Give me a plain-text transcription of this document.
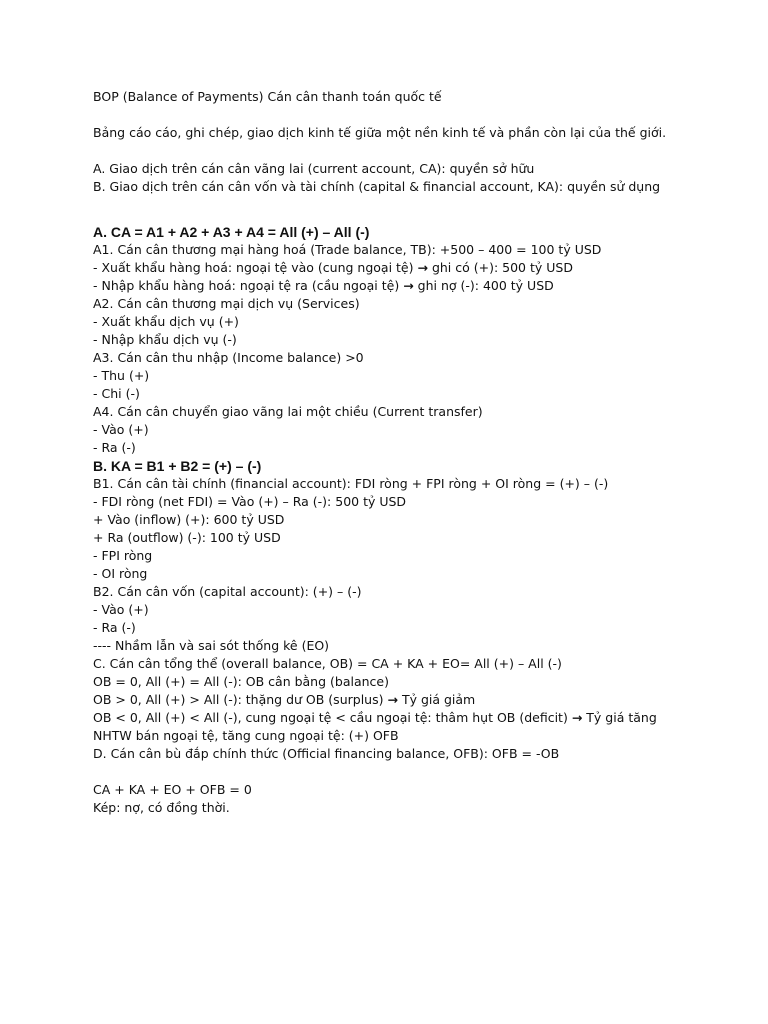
BOP (Balance of Payments) Cán cân thanh toán quốc tế
Bảng cáo cáo, ghi chép, giao dịch kinh tế giữa một nền kinh tế và phần còn lại của thế giới.
A. Giao dịch trên cán cân vãng lai (current account, CA): quyền sở hữu
B. Giao dịch trên cán cân vốn và tài chính (capital & financial account, KA): quyền sử dụng
A. CA = A1 + A2 + A3 + A4 = All (+) – All (-)
A1. Cán cân thương mại hàng hoá (Trade balance, TB): +500 – 400 = 100 tỷ USD
- Xuất khẩu hàng hoá: ngoại tệ vào (cung ngoại tệ) → ghi có (+): 500 tỷ USD
- Nhập khẩu hàng hoá: ngoại tệ ra (cầu ngoại tệ) → ghi nợ (-): 400 tỷ USD
A2. Cán cân thương mại dịch vụ (Services)
- Xuất khẩu dịch vụ (+)
- Nhập khẩu dịch vụ (-)
A3. Cán cân thu nhập (Income balance) >0
- Thu (+)
- Chi (-)
A4. Cán cân chuyển giao vãng lai một chiều (Current transfer)
- Vào (+)
- Ra (-)
B. KA = B1 + B2 = (+) – (-)
B1. Cán cân tài chính (financial account): FDI ròng + FPI ròng + OI ròng = (+) – (-)
- FDI ròng (net FDI) = Vào (+) – Ra (-): 500 tỷ USD
+ Vào (inflow) (+): 600 tỷ USD
+ Ra (outflow) (-): 100 tỷ USD
- FPI ròng
- OI ròng
B2. Cán cân vốn (capital account): (+) – (-)
- Vào (+)
- Ra (-)
---- Nhầm lẫn và sai sót thống kê (EO)
C. Cán cân tổng thể (overall balance, OB) = CA + KA + EO= All (+) – All (-)
OB = 0, All (+) = All (-): OB cân bằng (balance)
OB > 0, All (+) > All (-): thặng dư OB (surplus) → Tỷ giá giảm
OB < 0, All (+) < All (-), cung ngoại tệ < cầu ngoại tệ: thâm hụt OB (deficit) → Tỷ giá tăng
NHTW bán ngoại tệ, tăng cung ngoại tệ: (+) OFB
D. Cán cân bù đắp chính thức (Official financing balance, OFB): OFB = -OB
CA + KA + EO + OFB = 0
Kép: nợ, có đồng thời.
